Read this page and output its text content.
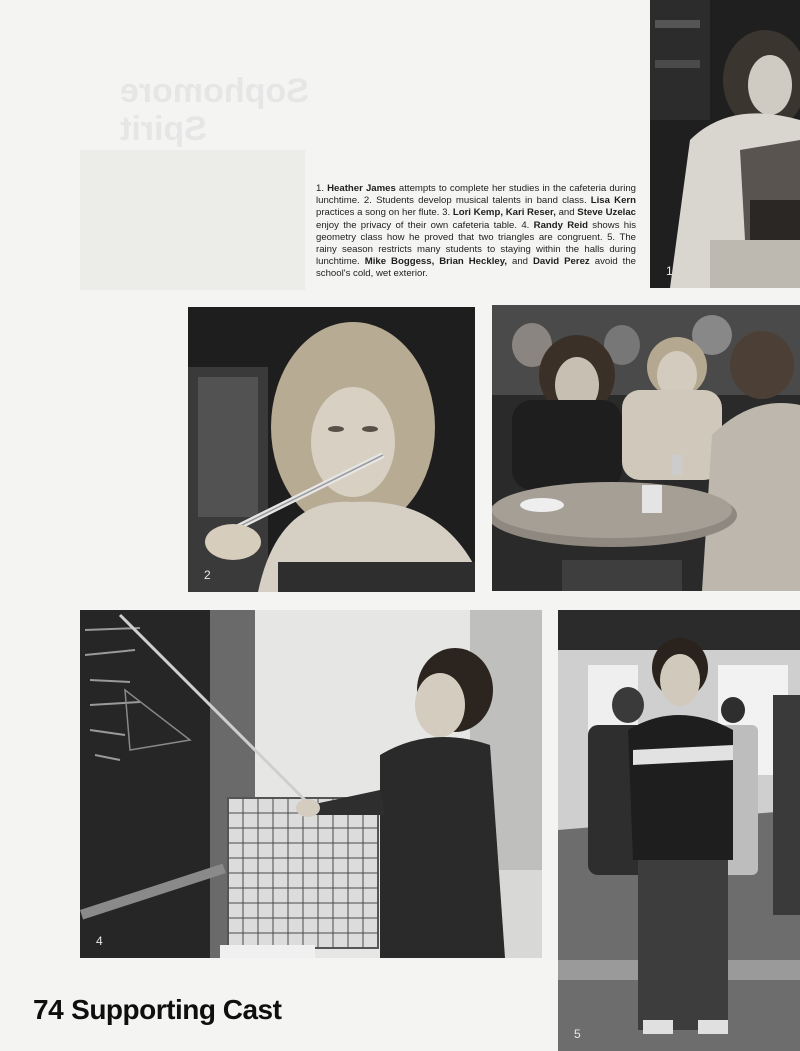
Sophomore Spirit
1

1. Heather James attempts to complete her studies in the cafeteria during lunchtime. 2. Students develop musical talents in band class. Lisa Kern practices a song on her flute. 3. Lori Kemp, Kari Reser, and Steve Uzelac enjoy the privacy of their own cafeteria table. 4. Randy Reid shows his geometry class how he proved that two triangles are congruent. 5. The rainy season restricts many students to staying within the halls during lunchtime. Mike Boggess, Brian Heckley, and David Perez avoid the school's cold, wet exterior.

2
4
5
74 Supporting Cast
